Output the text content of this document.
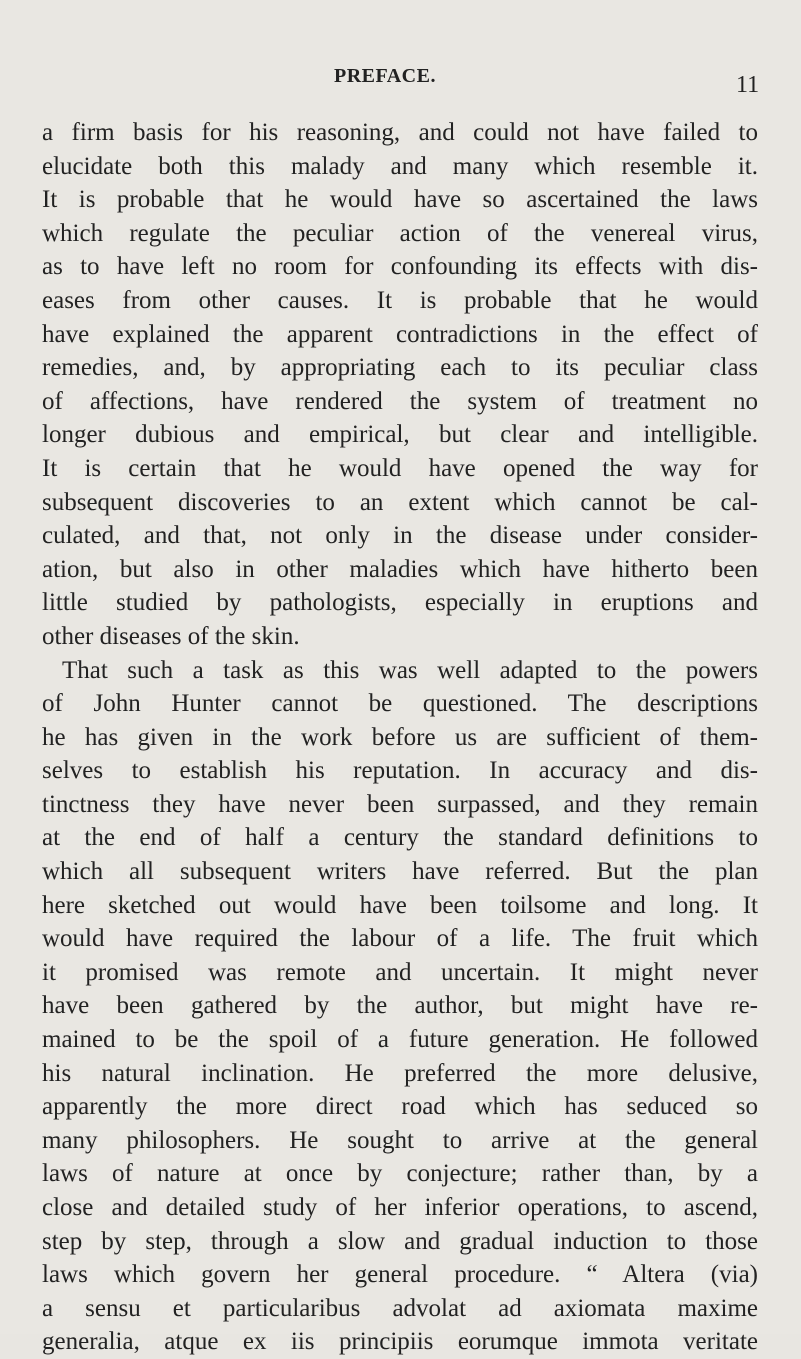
PREFACE.	11
a firm basis for his reasoning, and could not have failed to
elucidate both this malady and many which resemble it.
It is probable that he would have so ascertained the laws
which regulate the peculiar action of the venereal virus,
as to have left no room for confounding its effects with dis-
eases from other causes. It is probable that he would
have explained the apparent contradictions in the effect of
remedies, and, by appropriating each to its peculiar class
of affections, have rendered the system of treatment no
longer dubious and empirical, but clear and intelligible.
It is certain that he would have opened the way for
subsequent discoveries to an extent which cannot be cal-
culated, and that, not only in the disease under consider-
ation, but also in other maladies which have hitherto been
little studied by pathologists, especially in eruptions and
other diseases of the skin.
That such a task as this was well adapted to the powers
of John Hunter cannot be questioned. The descriptions
he has given in the work before us are sufficient of them-
selves to establish his reputation. In accuracy and dis-
tinctness they have never been surpassed, and they remain
at the end of half a century the standard definitions to
which all subsequent writers have referred. But the plan
here sketched out would have been toilsome and long. It
would have required the labour of a life. The fruit which
it promised was remote and uncertain. It might never
have been gathered by the author, but might have re-
mained to be the spoil of a future generation. He followed
his natural inclination. He preferred the more delusive,
apparently the more direct road which has seduced so
many philosophers. He sought to arrive at the general
laws of nature at once by conjecture; rather than, by a
close and detailed study of her inferior operations, to ascend,
step by step, through a slow and gradual induction to those
laws which govern her general procedure. “ Altera (via)
a sensu et particularibus advolat ad axiomata maxime
generalia, atque ex iis principiis eorumque immota veritate
